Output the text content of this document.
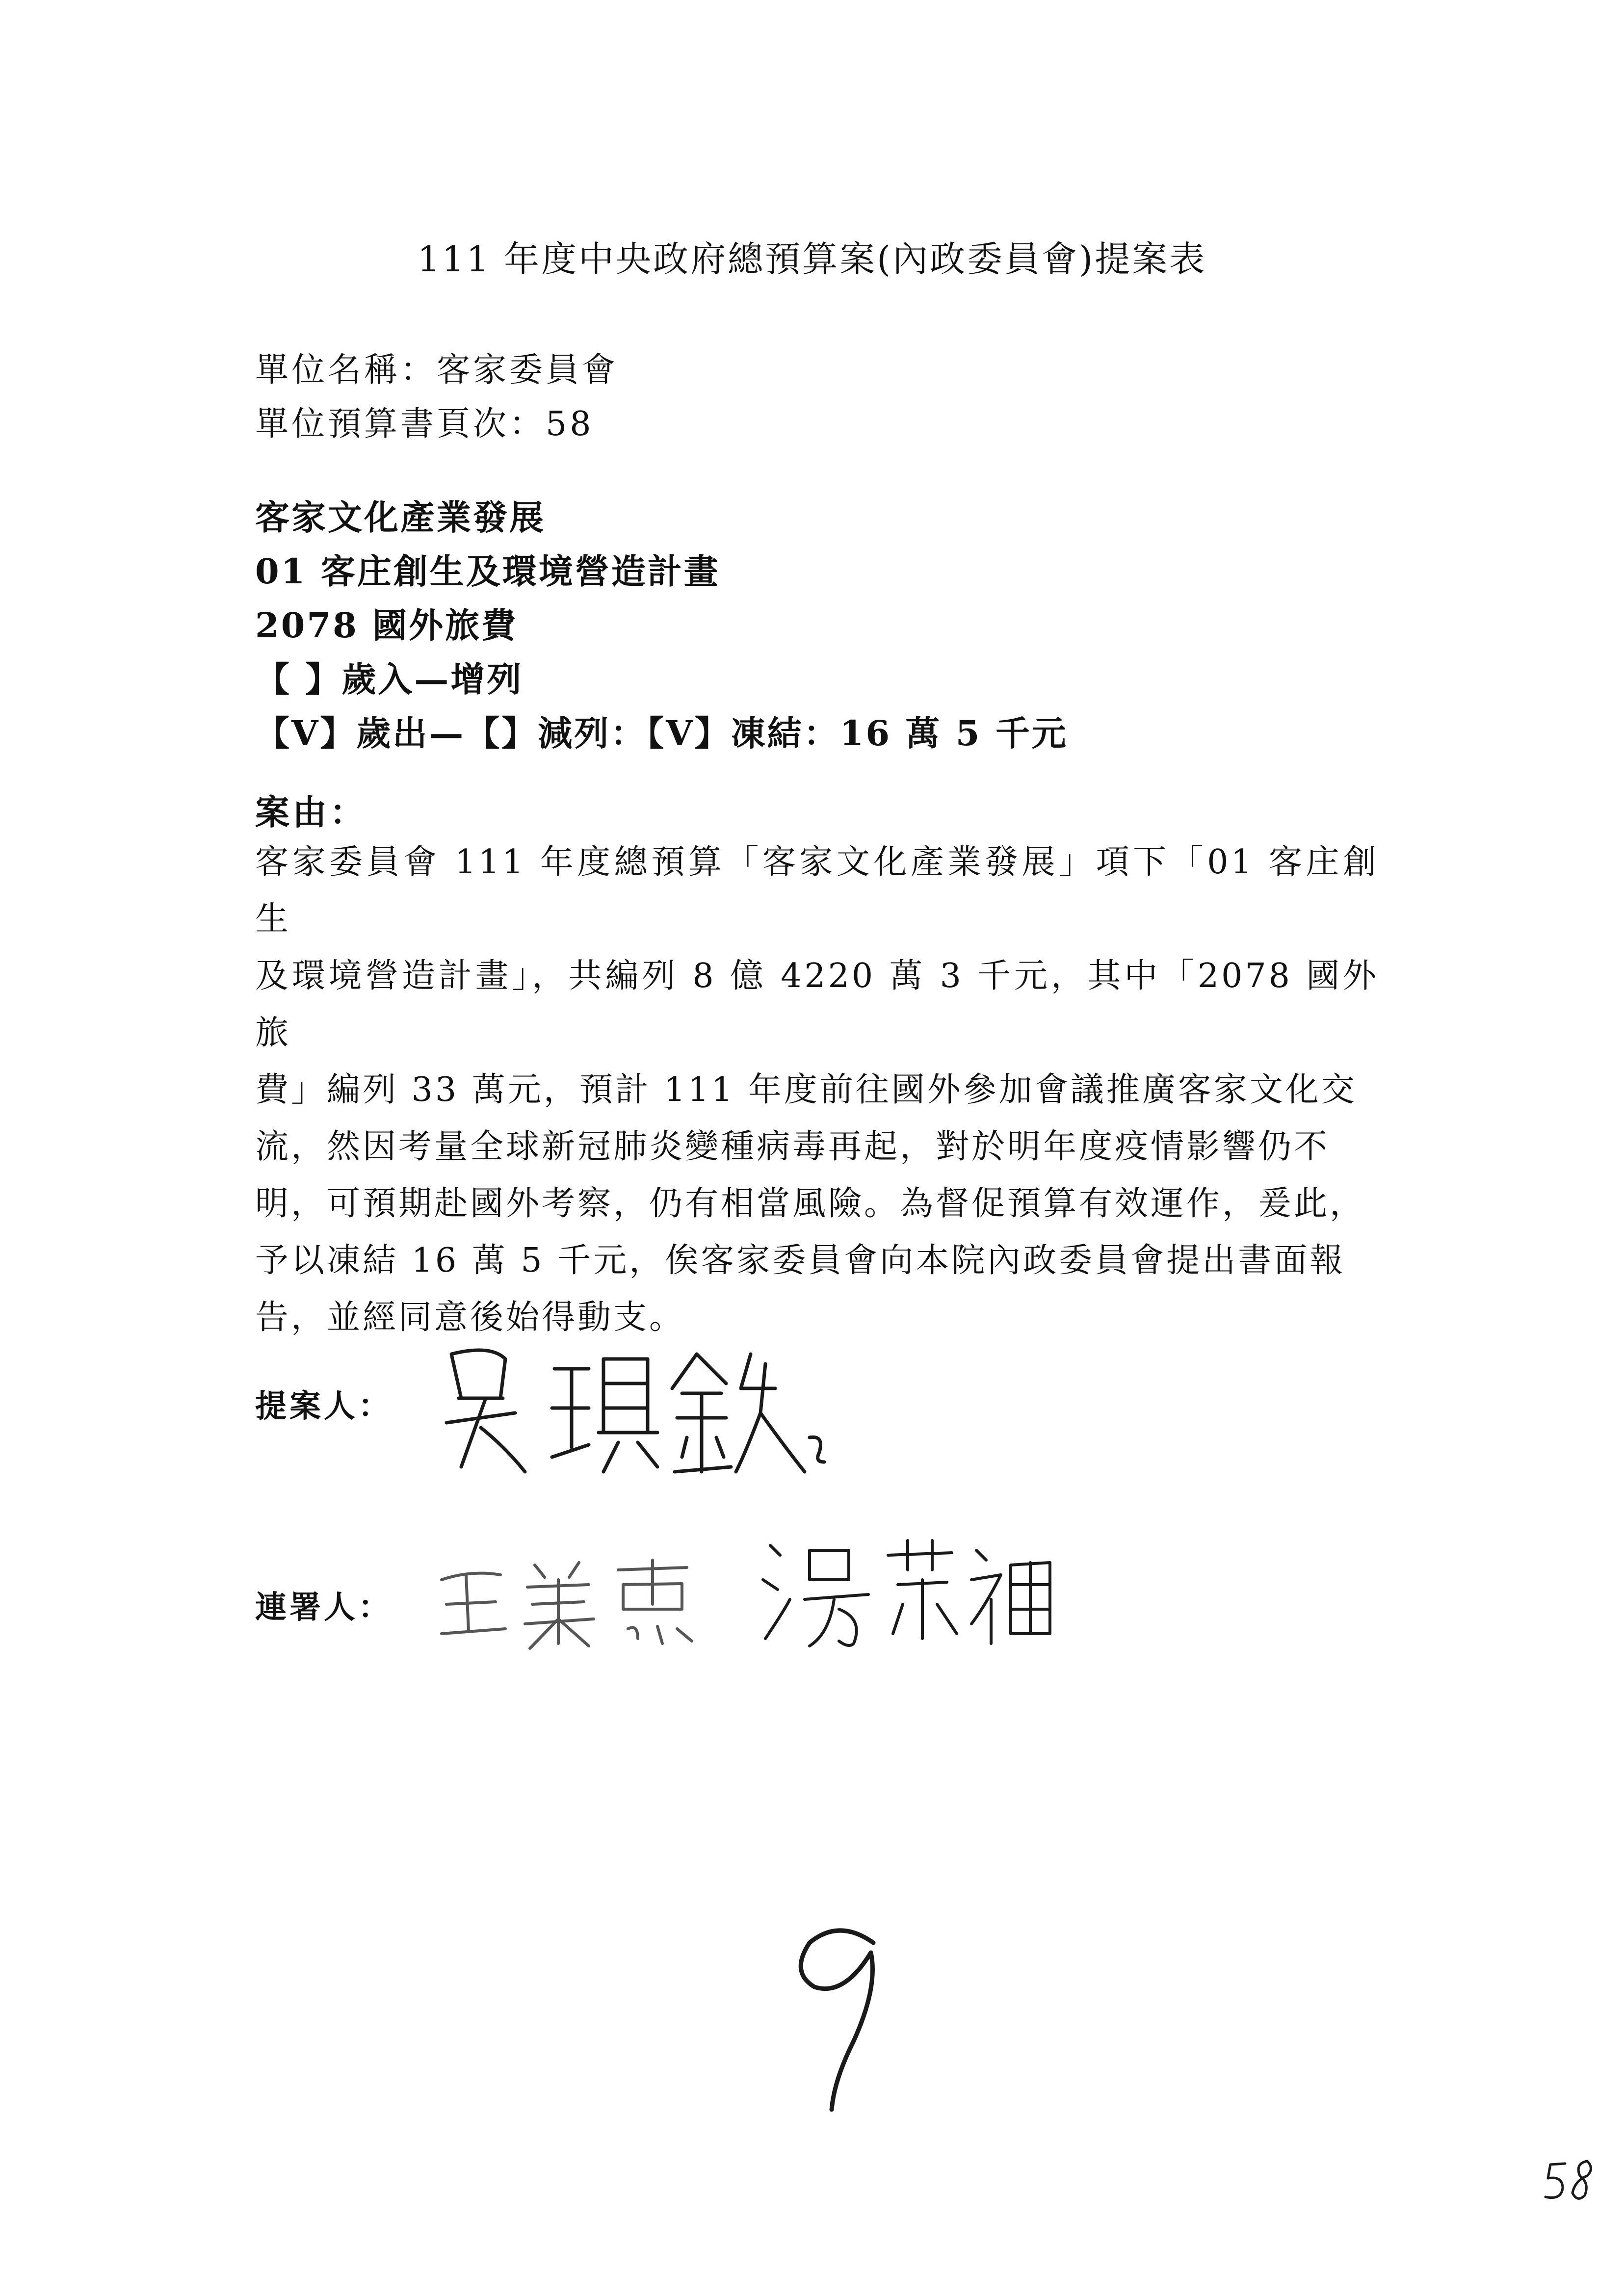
111 年度中央政府總預算案(內政委員會)提案表
單位名稱：客家委員會
單位預算書頁次：58
客家文化產業發展
01 客庄創生及環境營造計畫
2078 國外旅費
【 】歲入—增列
【V】歲出—【】減列：【V】凍結：16 萬 5 千元
案由：
客家委員會 111 年度總預算「客家文化產業發展」項下「01 客庄創生
及環境營造計畫」，共編列 8 億 4220 萬 3 千元，其中「2078 國外旅
費」編列 33 萬元，預計 111 年度前往國外參加會議推廣客家文化交
流，然因考量全球新冠肺炎變種病毒再起，對於明年度疫情影響仍不
明，可預期赴國外考察，仍有相當風險。為督促預算有效運作，爰此，
予以凍結 16 萬 5 千元，俟客家委員會向本院內政委員會提出書面報
告，並經同意後始得動支。
提案人：
連署人：
